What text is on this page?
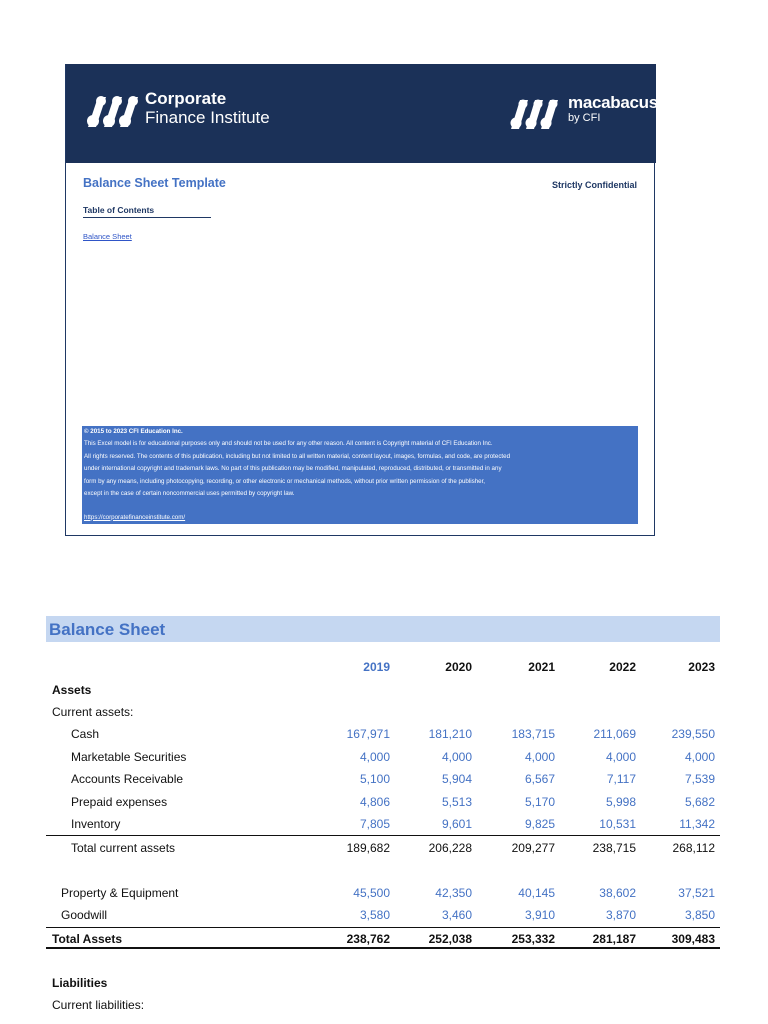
Corporate
Finance Institute
macabacus
by CFI
Balance Sheet Template	Strictly Confidential
Table of Contents
Balance Sheet
© 2015 to 2023 CFI Education Inc.
This Excel model is for educational purposes only and should not be used for any other reason. All content is Copyright material of CFI Education Inc.
All rights reserved. The contents of this publication, including but not limited to all written material, content layout, images, formulas, and code, are protected
under international copyright and trademark laws. No part of this publication may be modified, manipulated, reproduced, distributed, or transmitted in any
form by any means, including photocopying, recording, or other electronic or mechanical methods, without prior written permission of the publisher,
except in the case of certain noncommercial uses permitted by copyright law.
https://corporatefinanceinstitute.com/
Balance Sheet
2019	2020	2021	2022	2023
Assets
Current assets:
Cash	167,971	181,210	183,715	211,069	239,550
Marketable Securities	4,000	4,000	4,000	4,000	4,000
Accounts Receivable	5,100	5,904	6,567	7,117	7,539
Prepaid expenses	4,806	5,513	5,170	5,998	5,682
Inventory	7,805	9,601	9,825	10,531	11,342
Total current assets	189,682	206,228	209,277	238,715	268,112
Property & Equipment	45,500	42,350	40,145	38,602	37,521
Goodwill	3,580	3,460	3,910	3,870	3,850
Total Assets	238,762	252,038	253,332	281,187	309,483
Liabilities
Current liabilities:
